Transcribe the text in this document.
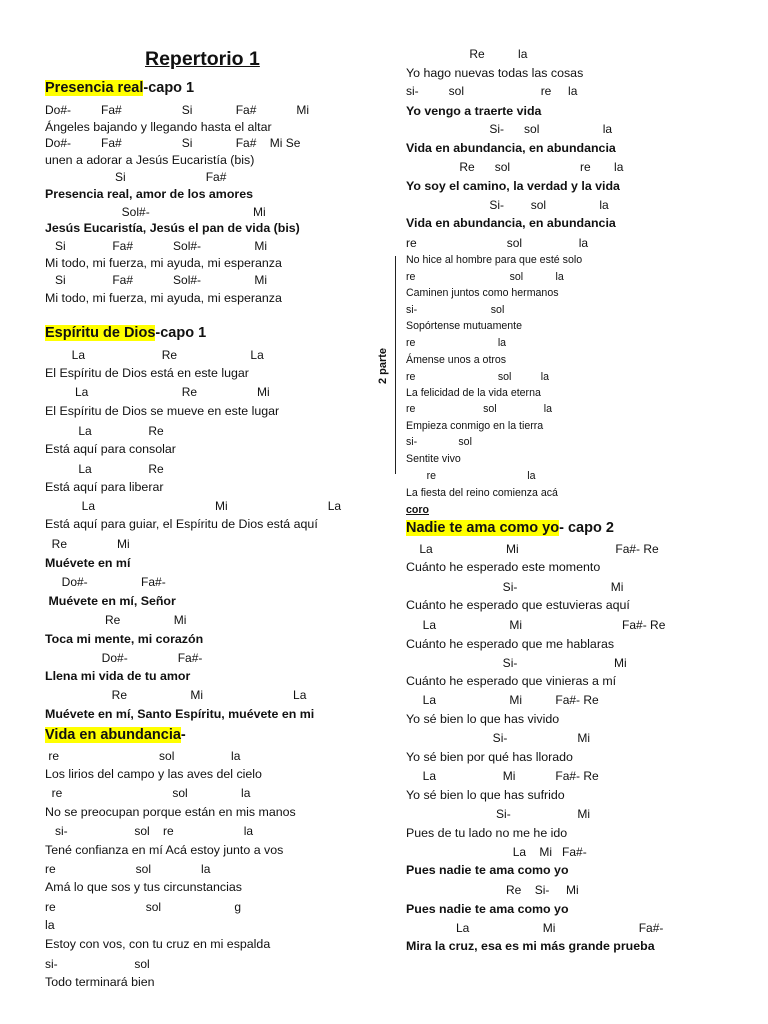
Repertorio 1
Presencia real-capo 1
Espíritu de Dios-capo 1
Vida en abundancia-
Do#-         Fa#                  Si             Fa#            Mi
Ángeles bajando y llegando hasta el altar
Do#-         Fa#                  Si             Fa#    Mi Se
unen a adorar a Jesús Eucaristía (bis)
Si                        Fa#
Presencia real, amor de los amores
Sol#-                               Mi
Jesús Eucaristía, Jesús el pan de vida (bis)
Si              Fa#            Sol#-                Mi
Mi todo, mi fuerza, mi ayuda, mi esperanza
Si              Fa#            Sol#-                Mi
Mi todo, mi fuerza, mi ayuda, mi esperanza
La                       Re                      La
El Espíritu de Dios está en este lugar
La                            Re                  Mi
El Espíritu de Dios se mueve en este lugar
La                 Re
Está aquí para consolar
La                 Re
Está aquí para liberar
La                                    Mi                              La
Está aquí para guiar, el Espíritu de Dios está aquí
Re               Mi
Muévete en mí
Do#-                Fa#-
Muévete en mí, Señor
Re                Mi
Toca mi mente, mi corazón
Do#-               Fa#-
Llena mi vida de tu amor
Re                   Mi                           La
Muévete en mí, Santo Espíritu, muévete en mi
re                              sol                 la
Los lirios del campo y las aves del cielo
re                                 sol                la
No se preocupan porque están en mis manos
si-                    sol    re                     la
Tené confianza en mí Acá estoy junto a vos
re                        sol               la
Amá lo que sos y tus circunstancias
re                           sol                      g
la
Estoy con vos, con tu cruz en mi espalda
si-                       sol
Todo terminará bien
Nadie te ama como yo- capo 2
Re          la
Yo hago nuevas todas las cosas
si-         sol                       re     la
Yo vengo a traerte vida
Si-      sol                   la
Vida en abundancia, en abundancia
Re      sol                     re       la
Yo soy el camino, la verdad y la vida
Si-        sol                la
Vida en abundancia, en abundancia
re                           sol                 la
No hice al hombre para que esté solo
re                                sol           la
Caminen juntos como hermanos
si-                         sol
Sopórtense mutuamente
re                            la
Ámense unos a otros
re                            sol          la
La felicidad de la vida eterna
re                       sol                la
Empieza conmigo en la tierra
si-              sol
Sentite vivo
re                               la
La fiesta del reino comienza acá
coro
La                      Mi                             Fa#- Re
Cuánto he esperado este momento
Si-                            Mi
Cuánto he esperado que estuvieras aquí
La                      Mi                              Fa#- Re
Cuánto he esperado que me hablaras
Si-                             Mi
Cuánto he esperado que vinieras a mí
La                      Mi          Fa#- Re
Yo sé bien lo que has vivido
Si-                     Mi
Yo sé bien por qué has llorado
La                    Mi            Fa#- Re
Yo sé bien lo que has sufrido
Si-                    Mi
Pues de tu lado no me he ido
La    Mi   Fa#-
Pues nadie te ama como yo
Re    Si-     Mi
Pues nadie te ama como yo
La                      Mi                         Fa#-
Mira la cruz, esa es mi más grande prueba
2 parte
